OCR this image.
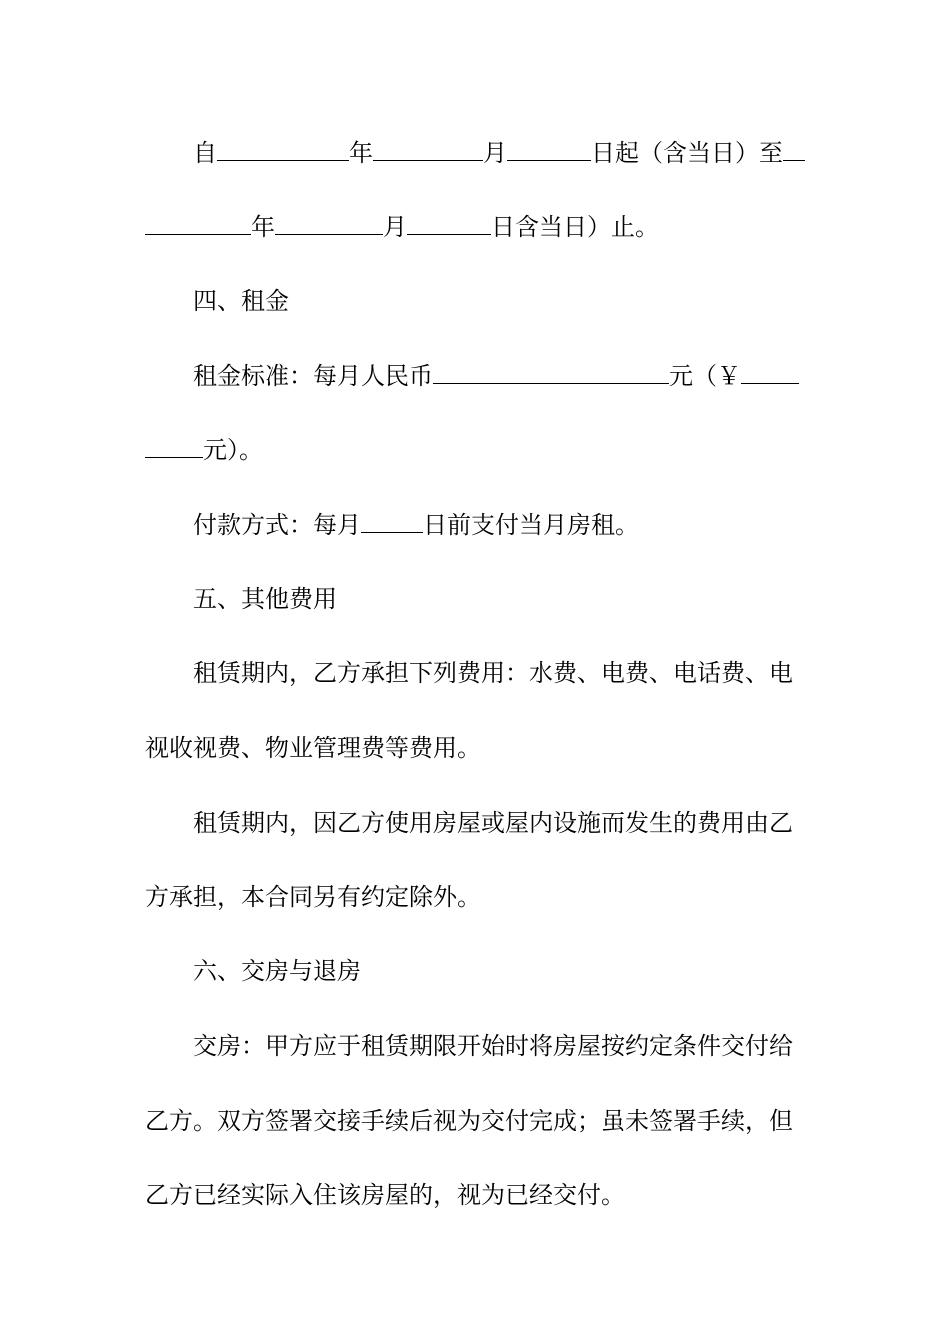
自	年	月	日起（含当日）至
年	月	日含当日）止。
四、租金
租金标准：每月人民币	元（￥
元）。
付款方式：每月	日前支付当月房租。
五、其他费用
租赁期内，乙方承担下列费用：水费、电费、电话费、电
视收视费、物业管理费等费用。
租赁期内，因乙方使用房屋或屋内设施而发生的费用由乙
方承担，本合同另有约定除外。
六、交房与退房
交房：甲方应于租赁期限开始时将房屋按约定条件交付给
乙方。双方签署交接手续后视为交付完成；虽未签署手续，但
乙方已经实际入住该房屋的，视为已经交付。
